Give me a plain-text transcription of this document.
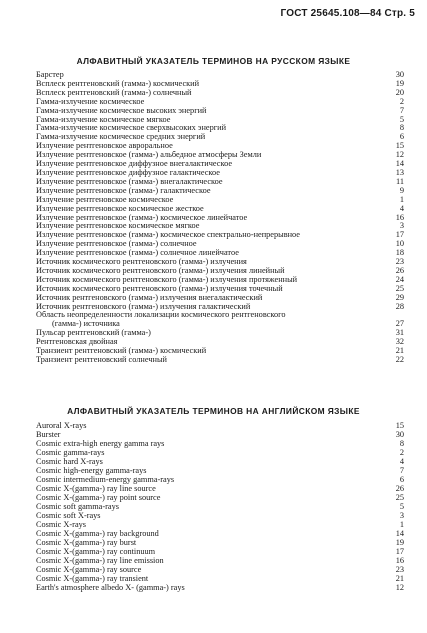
ГОСТ 25645.108—84 Стр. 5
АЛФАВИТНЫЙ УКАЗАТЕЛЬ ТЕРМИНОВ НА РУССКОМ ЯЗЫКЕ
Барстер	30
Всплеск рентгеновский (гамма-) космический	19
Всплеск рентгеновский (гамма-) солнечный	20
Гамма-излучение космическое	2
Гамма-излучение космическое высоких энергий	7
Гамма-излучение космическое мягкое	5
Гамма-излучение космическое сверхвысоких энергий	8
Гамма-излучение космическое средних энергий	6
Излучение рентгеновское авроральное	15
Излучение рентгеновское (гамма-) альбедное атмосферы Земли	12
Излучение рентгеновское диффузное внегалактическое	14
Излучение рентгеновское диффузное галактическое	13
Излучение рентгеновское (гамма-) внегалактическое	11
Излучение рентгеновское (гамма-) галактическое	9
Излучение рентгеновское космическое	1
Излучение рентгеновское космическое жесткое	4
Излучение рентгеновское (гамма-) космическое линейчатое	16
Излучение рентгеновское космическое мягкое	3
Излучение рентгеновское (гамма-) космическое спектрально-непрерывное	17
Излучение рентгеновское (гамма-) солнечное	10
Излучение рентгеновское (гамма-) солнечное линейчатое	18
Источник космического рентгеновского (гамма-) излучения	23
Источник космического рентгеновского (гамма-) излучения линейный	26
Источник космического рентгеновского (гамма-) излучения протяженный	24
Источник космического рентгеновского (гамма-) излучения точечный	25
Источник рентгеновского (гамма-) излучения внегалактический	29
Источник рентгеновского (гамма-) излучения галактический	28
Область неопределенности локализации космического рентгеновского
(гамма-) источника	27
Пульсар рентгеновский (гамма-)	31
Рентгеновская двойная	32
Транзиент рентгеновский (гамма-) космический	21
Транзиент рентгеновский солнечный	22
АЛФАВИТНЫЙ УКАЗАТЕЛЬ ТЕРМИНОВ НА АНГЛИЙСКОМ ЯЗЫКЕ
Auroral X-rays	15
Burster	30
Cosmic extra-high energy gamma rays	8
Cosmic gamma-rays	2
Cosmic hard X-rays	4
Cosmic high-energy gamma-rays	7
Cosmic intermedium-energy gamma-rays	6
Cosmic X-(gamma-) ray line source	26
Cosmic X-(gamma-) ray point source	25
Cosmic soft gamma-rays	5
Cosmic soft X-rays	3
Cosmic X-rays	1
Cosmic X-(gamma-) ray background	14
Cosmic X-(gamma-) ray burst	19
Cosmic X-(gamma-) ray continuum	17
Cosmic X-(gamma-) ray line emission	16
Cosmic X-(gamma-) ray source	23
Cosmic X-(gamma-) ray transient	21
Earth's atmosphere albedo X- (gamma-) rays	12
